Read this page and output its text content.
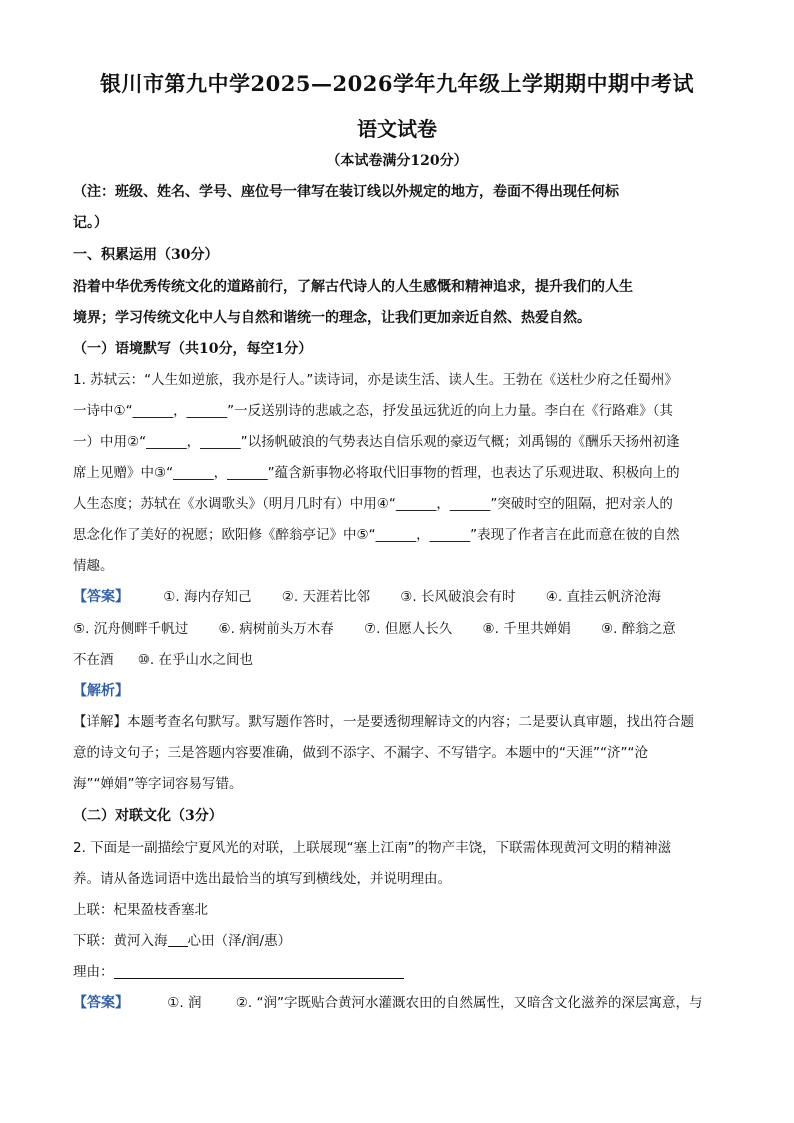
银川市第九中学2025—2026学年九年级上学期期中期中考试
语文试卷
（本试卷满分120分）
（注：班级、姓名、学号、座位号一律写在装订线以外规定的地方，卷面不得出现任何标
记。）
一、积累运用（30分）
沿着中华优秀传统文化的道路前行，了解古代诗人的人生感慨和精神追求，提升我们的人生
境界；学习传统文化中人与自然和谐统一的理念，让我们更加亲近自然、热爱自然。
（一）语境默写（共10分，每空1分）
1. 苏轼云：“人生如逆旅，我亦是行人。”读诗词，亦是读生活、读人生。王勃在《送杜少府之任蜀州》
一诗中①“______，______”一反送别诗的悲戚之态，抒发虽远犹近的向上力量。李白在《行路难》（其
一）中用②“______，______”以扬帆破浪的气势表达自信乐观的豪迈气概；刘禹锡的《酬乐天扬州初逢
席上见赠》中③“______，______”蕴含新事物必将取代旧事物的哲理，也表达了乐观进取、积极向上的
人生态度；苏轼在《水调歌头》（明月几时有）中用④“______，______”突破时空的阻隔，把对亲人的
思念化作了美好的祝愿；欧阳修《醉翁亭记》中⑤“______，______”表现了作者言在此而意在彼的自然
情趣。
【答案】	①. 海内存知己 ②. 天涯若比邻 ③. 长风破浪会有时 ④. 直挂云帆济沧海
⑤. 沉舟侧畔千帆过 ⑥. 病树前头万木春 ⑦. 但愿人长久 ⑧. 千里共婵娟 ⑨. 醉翁之意
不在酒 ⑩. 在乎山水之间也
【解析】
【详解】本题考查名句默写。默写题作答时，一是要透彻理解诗文的内容；二是要认真审题，找出符合题
意的诗文句子；三是答题内容要准确，做到不添字、不漏字、不写错字。本题中的“天涯”“济”“沧
海”“婵娟”等字词容易写错。
（二）对联文化（3分）
2. 下面是一副描绘宁夏风光的对联，上联展现“塞上江南”的物产丰饶，下联需体现黄河文明的精神滋
养。请从备选词语中选出最恰当的填写到横线处，并说明理由。
上联：杞果盈枝香塞北
下联：黄河入海 心田（泽/润/惠）
理由：
【答案】	①. 润	②. “润”字既贴合黄河水灌溉农田的自然属性，又暗含文化滋养的深层寓意，与
